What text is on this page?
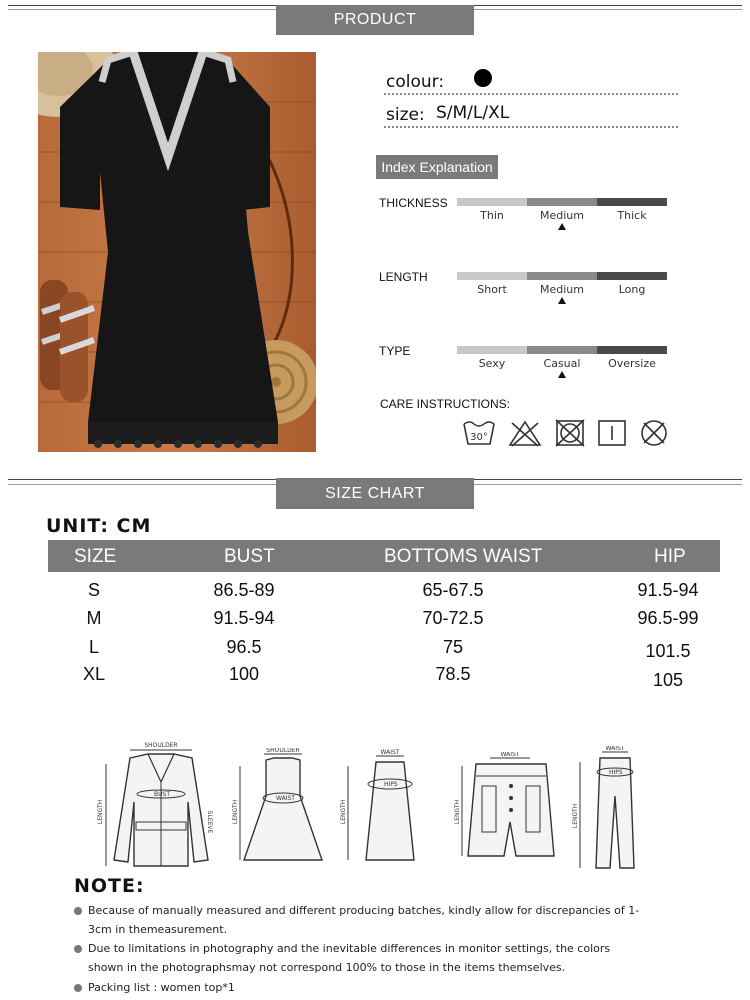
PRODUCT INFORMATION
colour:
size: S/M/L/XL
Index Explanation
THICKNESS
Thin	Medium	Thick
LENGTH
Short	Medium	Long
TYPE
Sexy	Casual	Oversize
CARE INSTRUCTIONS:
30°
SIZE CHART
UNIT: CM
SIZE	BUST	BOTTOMS WAIST	HIP
S	86.5-89	65-67.5	91.5-94
M	91.5-94	70-72.5	96.5-99
L	96.5	75	101.5
XL	100	78.5	105
SHOULDER
LENGTH
BUST
SLEEVE
SHOULDER
LENGTH
WAIST
WAIST
LENGTH
HIPS
WAIST
LENGTH
WAIST
LENGTH
HIPS
NOTE:
Because of manually measured and different producing batches, kindly allow for discrepancies of 1-3cm in themeasurement.
Due to limitations in photography and the inevitable differences in monitor settings, the colors shown in the photographsmay not correspond 100% to those in the items themselves.
Packing list : women top*1
